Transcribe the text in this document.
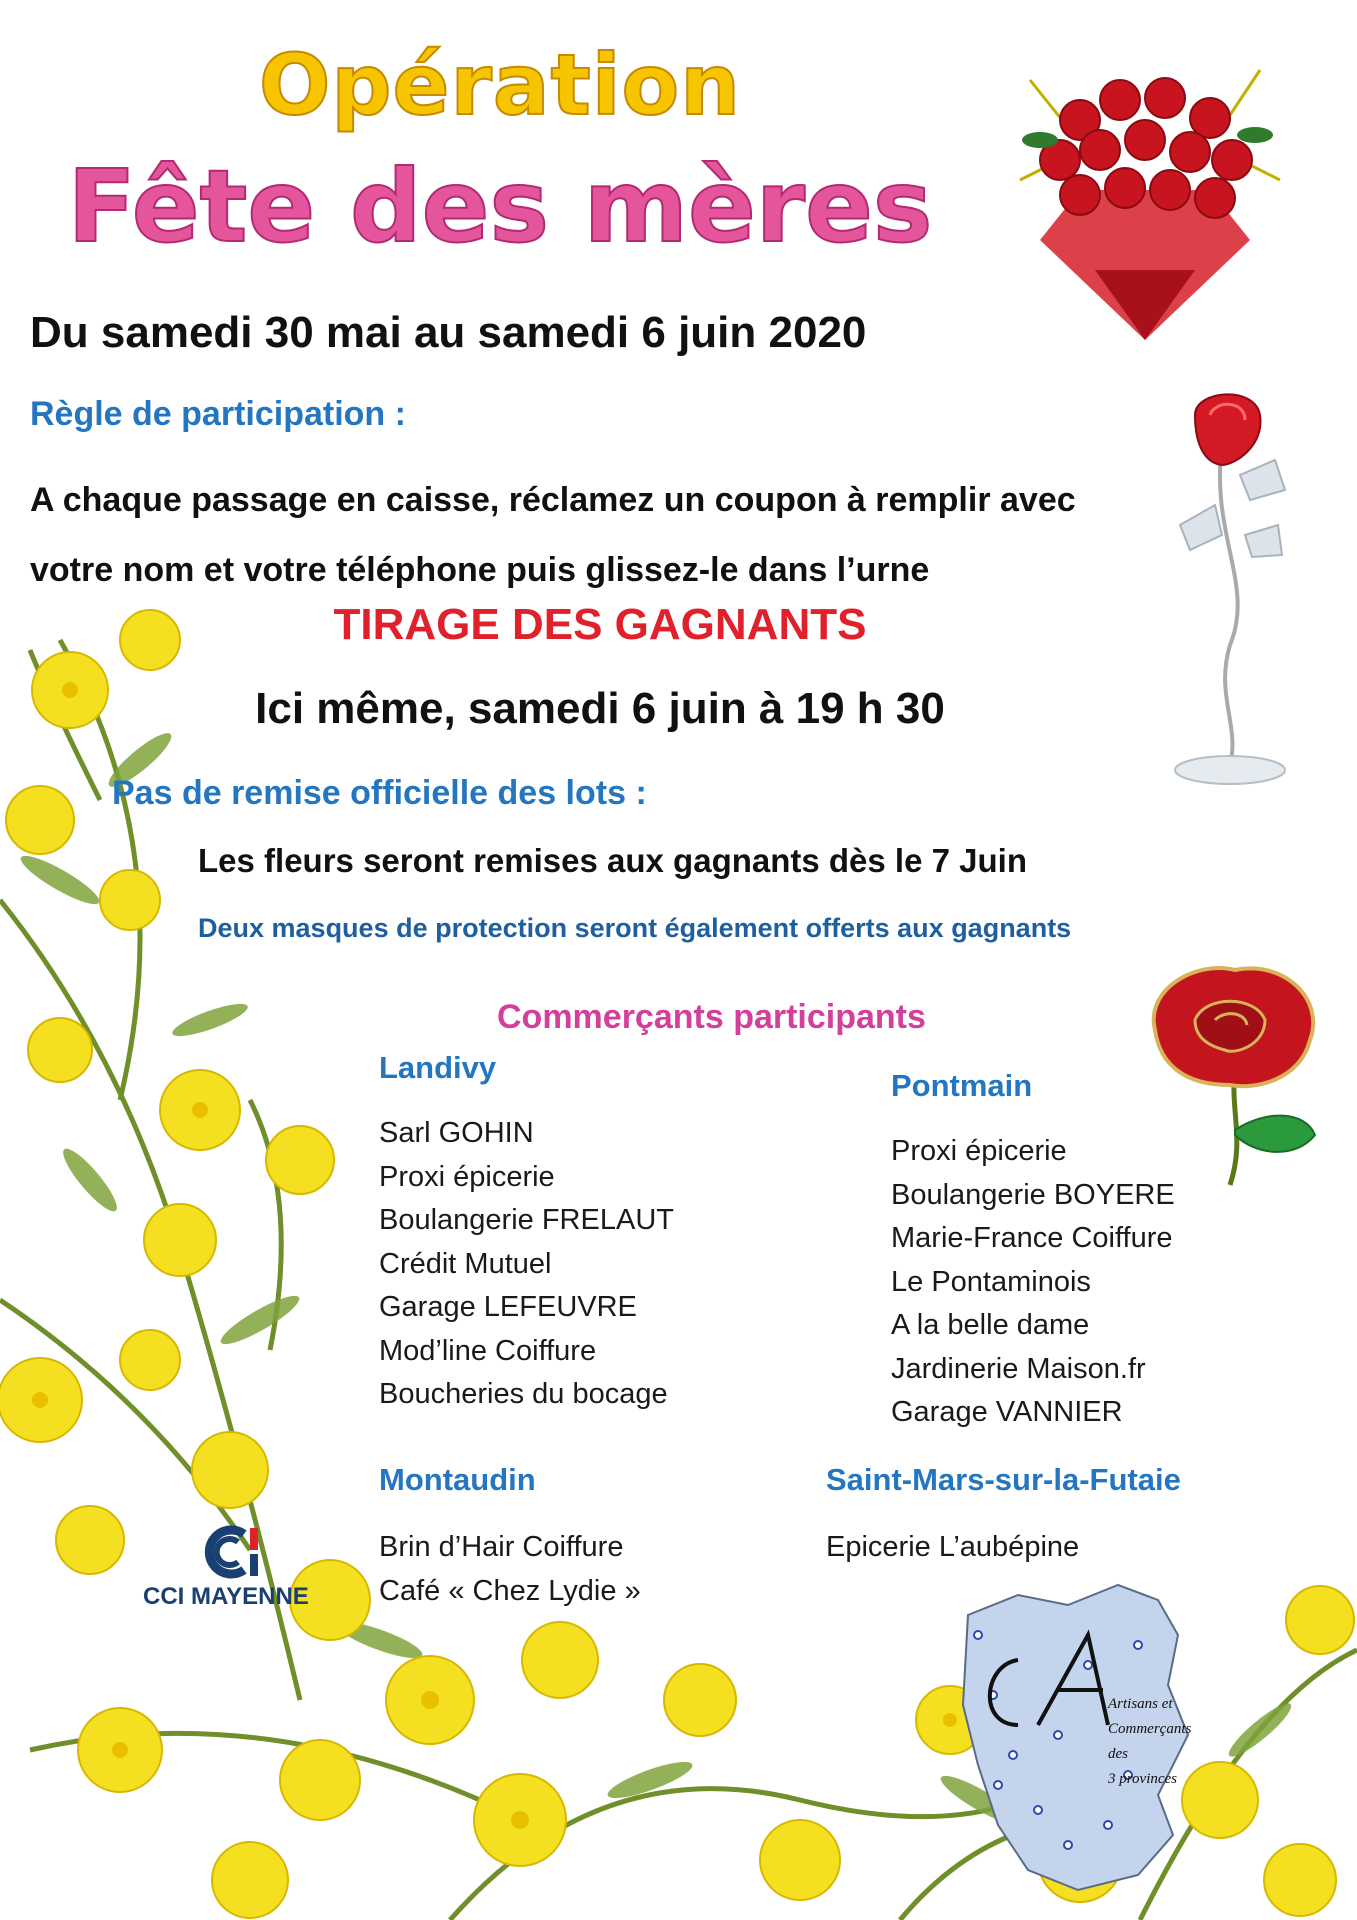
Opération
Fête des mères
Du samedi 30 mai au samedi 6 juin 2020
Règle de participation :
A chaque passage en caisse, réclamez un coupon à remplir avec
votre nom et votre téléphone puis glissez-le dans l’urne
TIRAGE DES GAGNANTS
Ici même, samedi 6 juin à 19 h 30
Pas de remise officielle des lots :
Les fleurs seront remises aux gagnants dès le 7 Juin
Deux masques de protection seront également offerts aux gagnants
Commerçants participants
Landivy
Sarl GOHIN
Proxi épicerie
Boulangerie FRELAUT
Crédit Mutuel
Garage LEFEUVRE
Mod’line Coiffure
Boucheries du bocage
Pontmain
Proxi épicerie
Boulangerie BOYERE
Marie-France Coiffure
Le Pontaminois
A la belle dame
Jardinerie Maison.fr
Garage VANNIER
Montaudin
Brin d’Hair Coiffure
Café « Chez Lydie »
Saint-Mars-sur-la-Futaie
Epicerie L’aubépine
CCI MAYENNE
Artisans et
Commerçants
des
3 provinces
